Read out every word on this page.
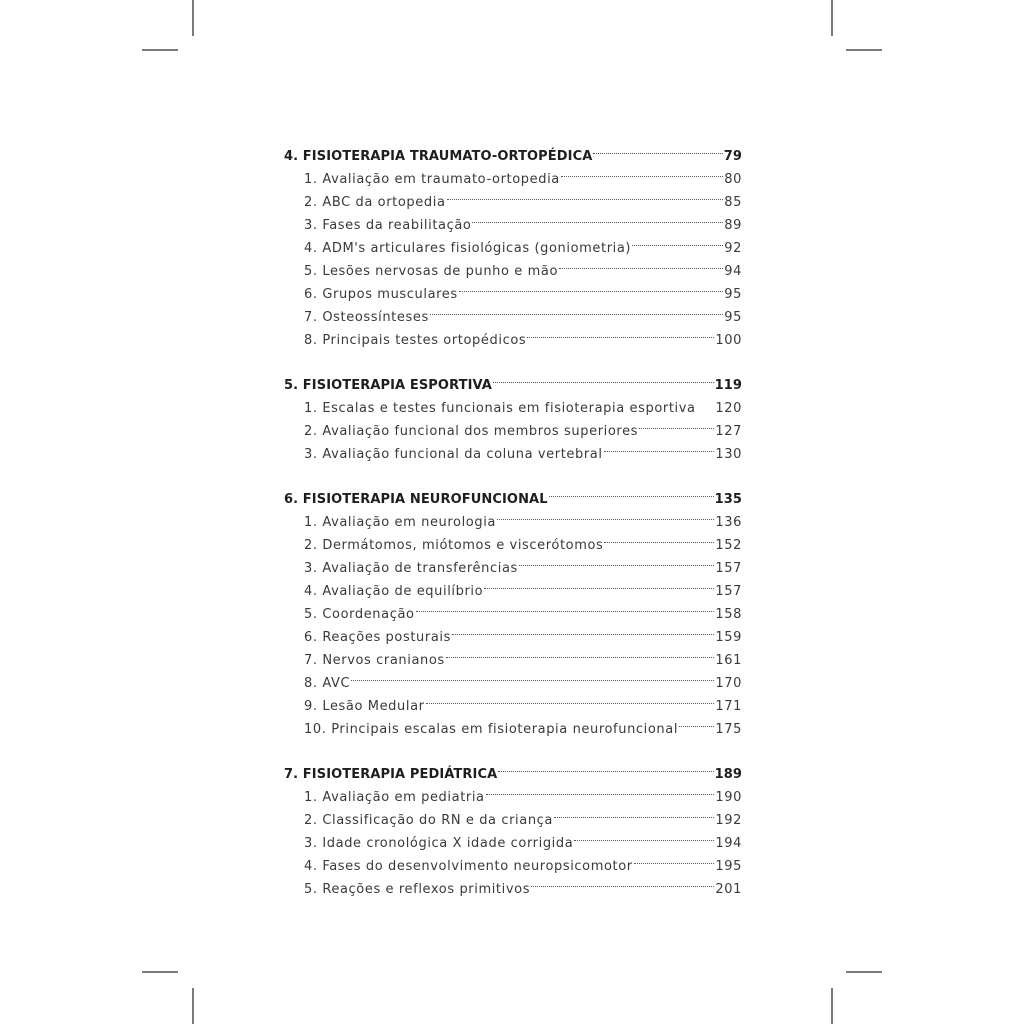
4. FISIOTERAPIA TRAUMATO-ORTOPÉDICA	79
1. Avaliação em traumato-ortopedia	80
2. ABC da ortopedia	85
3. Fases da reabilitação	89
4. ADM's articulares fisiológicas (goniometria)	92
5. Lesões nervosas de punho e mão	94
6. Grupos musculares	95
7. Osteossínteses	95
8. Principais testes ortopédicos	100
5. FISIOTERAPIA ESPORTIVA	119
1. Escalas e testes funcionais em fisioterapia esportiva 120
2. Avaliação funcional dos membros superiores	127
3. Avaliação funcional da coluna vertebral	130
6. FISIOTERAPIA NEUROFUNCIONAL	135
1. Avaliação em neurologia	136
2. Dermátomos, miótomos e viscerótomos	152
3. Avaliação de transferências	157
4. Avaliação de equilíbrio	157
5. Coordenação	158
6. Reações posturais	159
7. Nervos cranianos	161
8. AVC	170
9. Lesão Medular	171
10. Principais escalas em fisioterapia neurofuncional	175
7. FISIOTERAPIA PEDIÁTRICA	189
1. Avaliação em pediatria	190
2. Classificação do RN e da criança	192
3. Idade cronológica X idade corrigida	194
4. Fases do desenvolvimento neuropsicomotor	195
5. Reações e reflexos primitivos	201
